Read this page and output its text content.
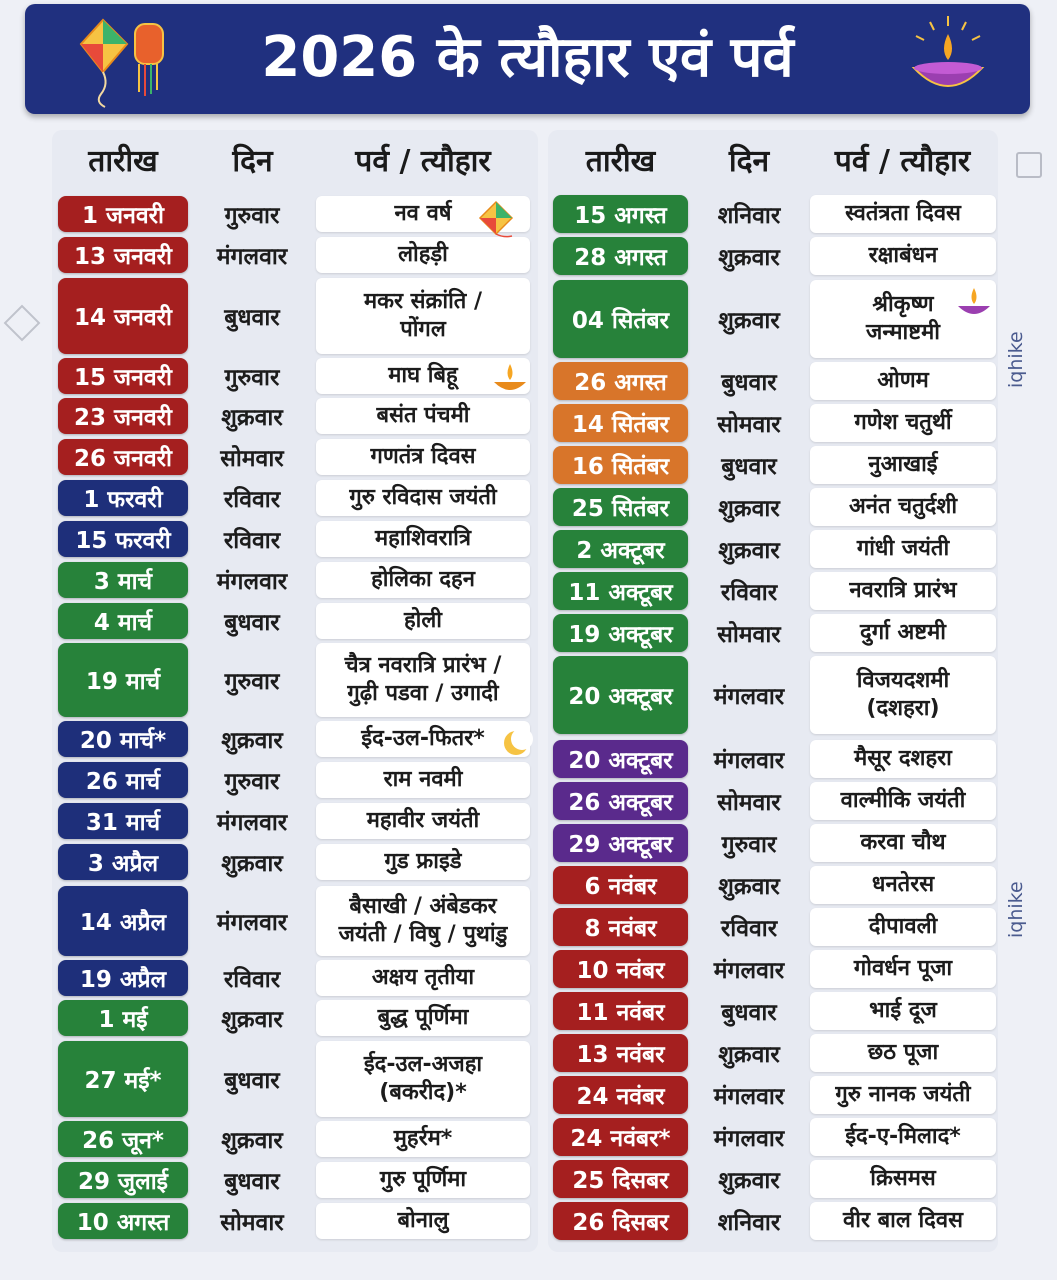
2026 के त्यौहार एवं पर्व
तारीख	दिन	पर्व / त्यौहार	तारीख	दिन	पर्व / त्यौहार
1 जनवरी	गुरुवार	नव वर्ष
13 जनवरी	मंगलवार	लोहड़ी
14 जनवरी	बुधवार
मकर संक्रांति /
पोंगल
15 जनवरी	गुरुवार	माघ बिहू
23 जनवरी	शुक्रवार	बसंत पंचमी
26 जनवरी	सोमवार	गणतंत्र दिवस
1 फरवरी	रविवार	गुरु रविदास जयंती
15 फरवरी	रविवार	महाशिवरात्रि
3 मार्च	मंगलवार	होलिका दहन
4 मार्च	बुधवार	होली
19 मार्च	गुरुवार
चैत्र नवरात्रि प्रारंभ /
गुढ़ी पडवा / उगादी
20 मार्च*	शुक्रवार	ईद-उल-फितर*
26 मार्च	गुरुवार	राम नवमी
31 मार्च	मंगलवार	महावीर जयंती
3 अप्रैल	शुक्रवार	गुड फ्राइडे
14 अप्रैल	मंगलवार
बैसाखी / अंबेडकर
जयंती / विषु / पुथांडु
19 अप्रैल	रविवार	अक्षय तृतीया
1 मई	शुक्रवार	बुद्ध पूर्णिमा
27 मई*	बुधवार
ईद-उल-अजहा
(बकरीद)*
26 जून*	शुक्रवार	मुहर्रम*
29 जुलाई	बुधवार	गुरु पूर्णिमा
10 अगस्त	सोमवार	बोनालु
15 अगस्त	शनिवार	स्वतंत्रता दिवस
28 अगस्त	शुक्रवार	रक्षाबंधन
04 सितंबर	शुक्रवार
श्रीकृष्ण
जन्माष्टमी
26 अगस्त	बुधवार	ओणम
14 सितंबर	सोमवार	गणेश चतुर्थी
16 सितंबर	बुधवार	नुआखाई
25 सितंबर	शुक्रवार	अनंत चतुर्दशी
2 अक्टूबर	शुक्रवार	गांधी जयंती
11 अक्टूबर	रविवार	नवरात्रि प्रारंभ
19 अक्टूबर	सोमवार	दुर्गा अष्टमी
20 अक्टूबर	मंगलवार
विजयदशमी
(दशहरा)
20 अक्टूबर	मंगलवार	मैसूर दशहरा
26 अक्टूबर	सोमवार	वाल्मीकि जयंती
29 अक्टूबर	गुरुवार	करवा चौथ
6 नवंबर	शुक्रवार	धनतेरस
8 नवंबर	रविवार	दीपावली
10 नवंबर	मंगलवार	गोवर्धन पूजा
11 नवंबर	बुधवार	भाई दूज
13 नवंबर	शुक्रवार	छठ पूजा
24 नवंबर	मंगलवार	गुरु नानक जयंती
24 नवंबर*	मंगलवार	ईद-ए-मिलाद*
25 दिसबर	शुक्रवार	क्रिसमस
26 दिसबर	शनिवार	वीर बाल दिवस
iqhike
iqhike
